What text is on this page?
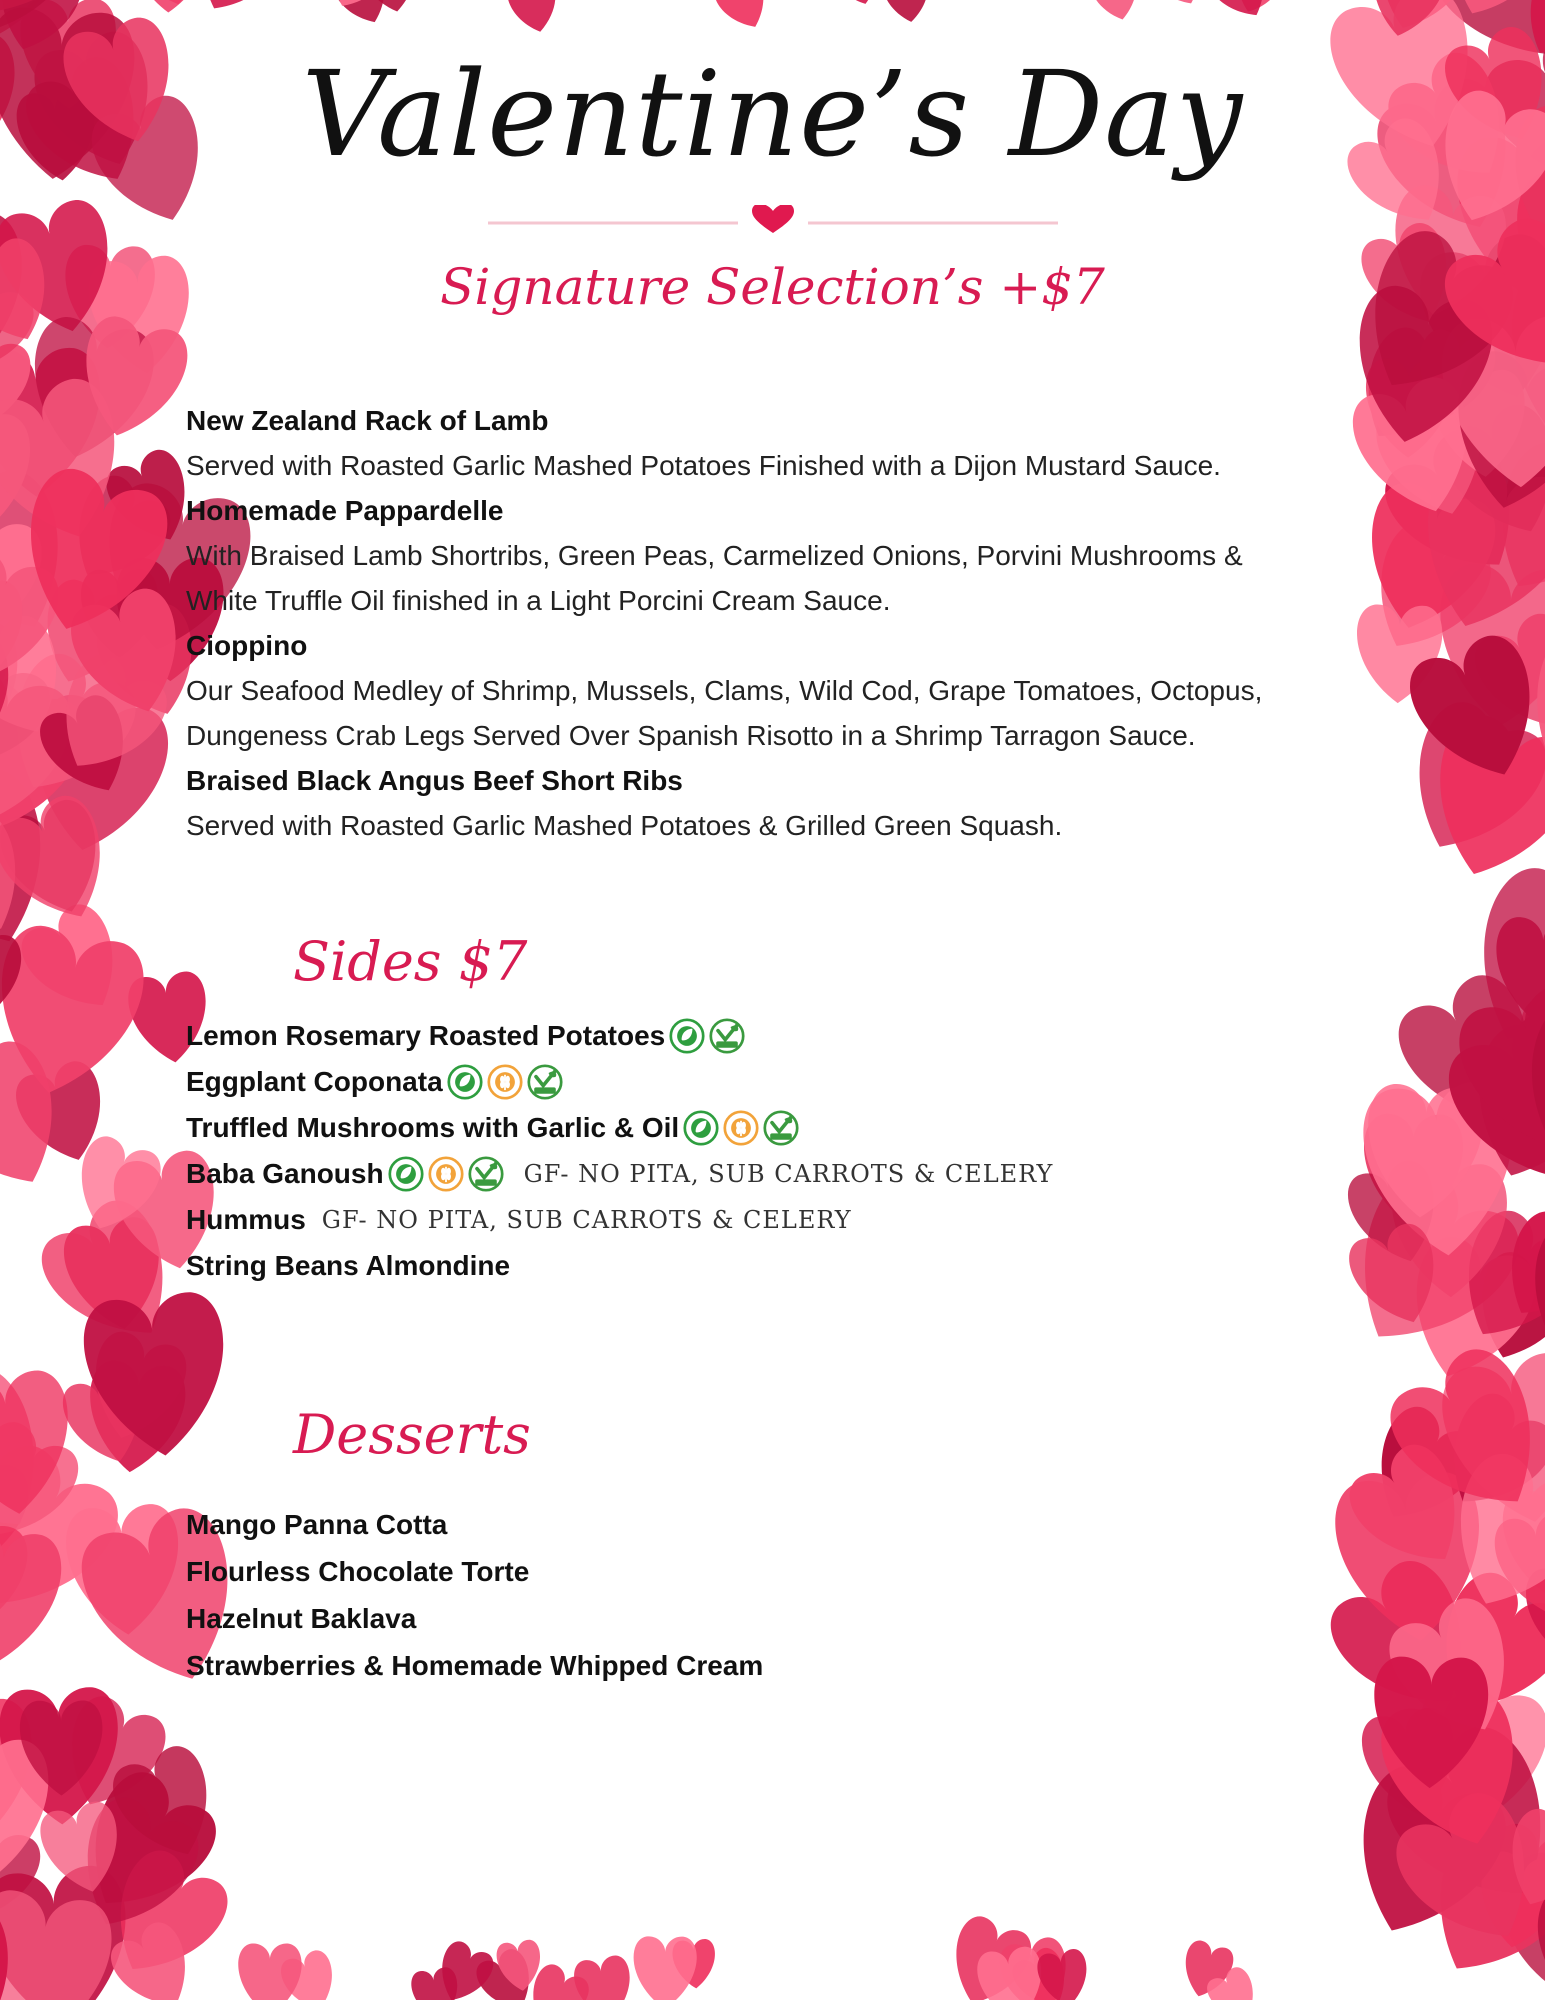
Valentine’s Day
Signature Selection’s +$7

New Zealand Rack of Lamb

Served with Roasted Garlic Mashed Potatoes Finished with a Dijon Mustard Sauce.

Homemade Pappardelle

With Braised Lamb Shortribs, Green Peas, Carmelized Onions, Porvini Mushrooms &

White Truffle Oil finished in a Light Porcini Cream Sauce.

Cioppino

Our Seafood Medley of Shrimp, Mussels, Clams, Wild Cod, Grape Tomatoes, Octopus,

Dungeness Crab Legs Served Over Spanish Risotto in a Shrimp Tarragon Sauce.

Braised Black Angus Beef Short Ribs

Served with Roasted Garlic Mashed Potatoes & Grilled Green Squash.

Sides $7
Lemon Rosemary Roasted Potatoes
Eggplant Coponata
Truffled Mushrooms with Garlic & Oil
Baba Ganoush	GF- NO PITA, SUB CARROTS & CELERY
Hummus GF- NO PITA, SUB CARROTS & CELERY
String Beans Almondine
Desserts

Mango Panna Cotta

Flourless Chocolate Torte

Hazelnut Baklava

Strawberries & Homemade Whipped Cream
